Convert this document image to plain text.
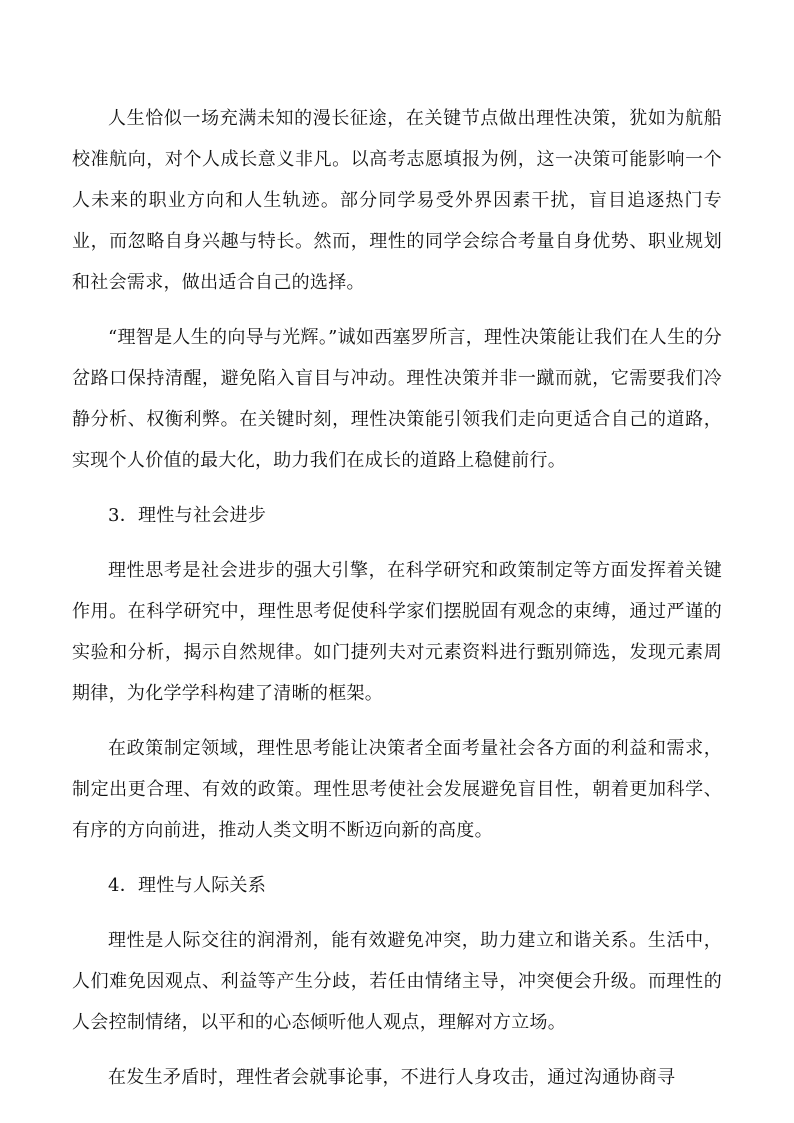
人生恰似一场充满未知的漫长征途，在关键节点做出理性决策，犹如为航船校准航向，对个人成长意义非凡。以高考志愿填报为例，这一决策可能影响一个人未来的职业方向和人生轨迹。部分同学易受外界因素干扰，盲目追逐热门专业，而忽略自身兴趣与特长。然而，理性的同学会综合考量自身优势、职业规划和社会需求，做出适合自己的选择。

“理智是人生的向导与光辉。”诚如西塞罗所言，理性决策能让我们在人生的分岔路口保持清醒，避免陷入盲目与冲动。理性决策并非一蹴而就，它需要我们冷静分析、权衡利弊。在关键时刻，理性决策能引领我们走向更适合自己的道路，实现个人价值的最大化，助力我们在成长的道路上稳健前行。

3．理性与社会进步

理性思考是社会进步的强大引擎，在科学研究和政策制定等方面发挥着关键作用。在科学研究中，理性思考促使科学家们摆脱固有观念的束缚，通过严谨的实验和分析，揭示自然规律。如门捷列夫对元素资料进行甄别筛选，发现元素周期律，为化学学科构建了清晰的框架。

在政策制定领域，理性思考能让决策者全面考量社会各方面的利益和需求，制定出更合理、有效的政策。理性思考使社会发展避免盲目性，朝着更加科学、有序的方向前进，推动人类文明不断迈向新的高度。

4．理性与人际关系

理性是人际交往的润滑剂，能有效避免冲突，助力建立和谐关系。生活中，人们难免因观点、利益等产生分歧，若任由情绪主导，冲突便会升级。而理性的人会控制情绪，以平和的心态倾听他人观点，理解对方立场。

在发生矛盾时，理性者会就事论事，不进行人身攻击，通过沟通协商寻
